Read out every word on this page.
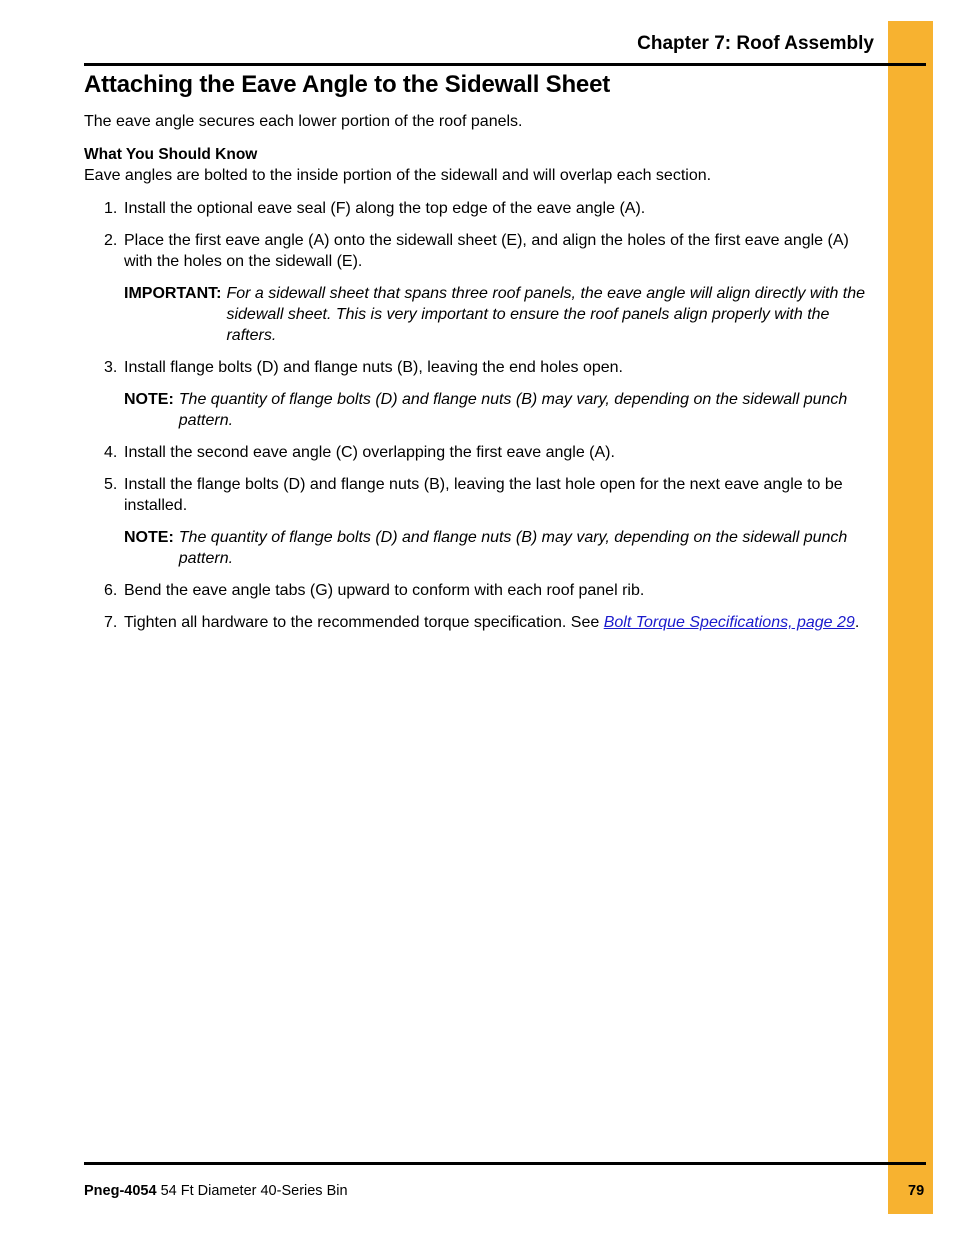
Chapter 7: Roof Assembly
Attaching the Eave Angle to the Sidewall Sheet

The eave angle secures each lower portion of the roof panels.

What You Should Know

Eave angles are bolted to the inside portion of the sidewall and will overlap each section.

1. Install the optional eave seal (F) along the top edge of the eave angle (A).
2. Place the first eave angle (A) onto the sidewall sheet (E), and align the holes of the first eave angle (A) with the holes on the sidewall (E).
IMPORTANT: For a sidewall sheet that spans three roof panels, the eave angle will align directly with the sidewall sheet. This is very important to ensure the roof panels align properly with the rafters.
3. Install flange bolts (D) and flange nuts (B), leaving the end holes open.
NOTE: The quantity of flange bolts (D) and flange nuts (B) may vary, depending on the sidewall punch pattern.
4. Install the second eave angle (C) overlapping the first eave angle (A).
5. Install the flange bolts (D) and flange nuts (B), leaving the last hole open for the next eave angle to be installed.
NOTE: The quantity of flange bolts (D) and flange nuts (B) may vary, depending on the sidewall punch pattern.
6. Bend the eave angle tabs (G) upward to conform with each roof panel rib.
7. Tighten all hardware to the recommended torque specification. See Bolt Torque Specifications, page 29.
Pneg-4054 54 Ft Diameter 40-Series Bin	79
